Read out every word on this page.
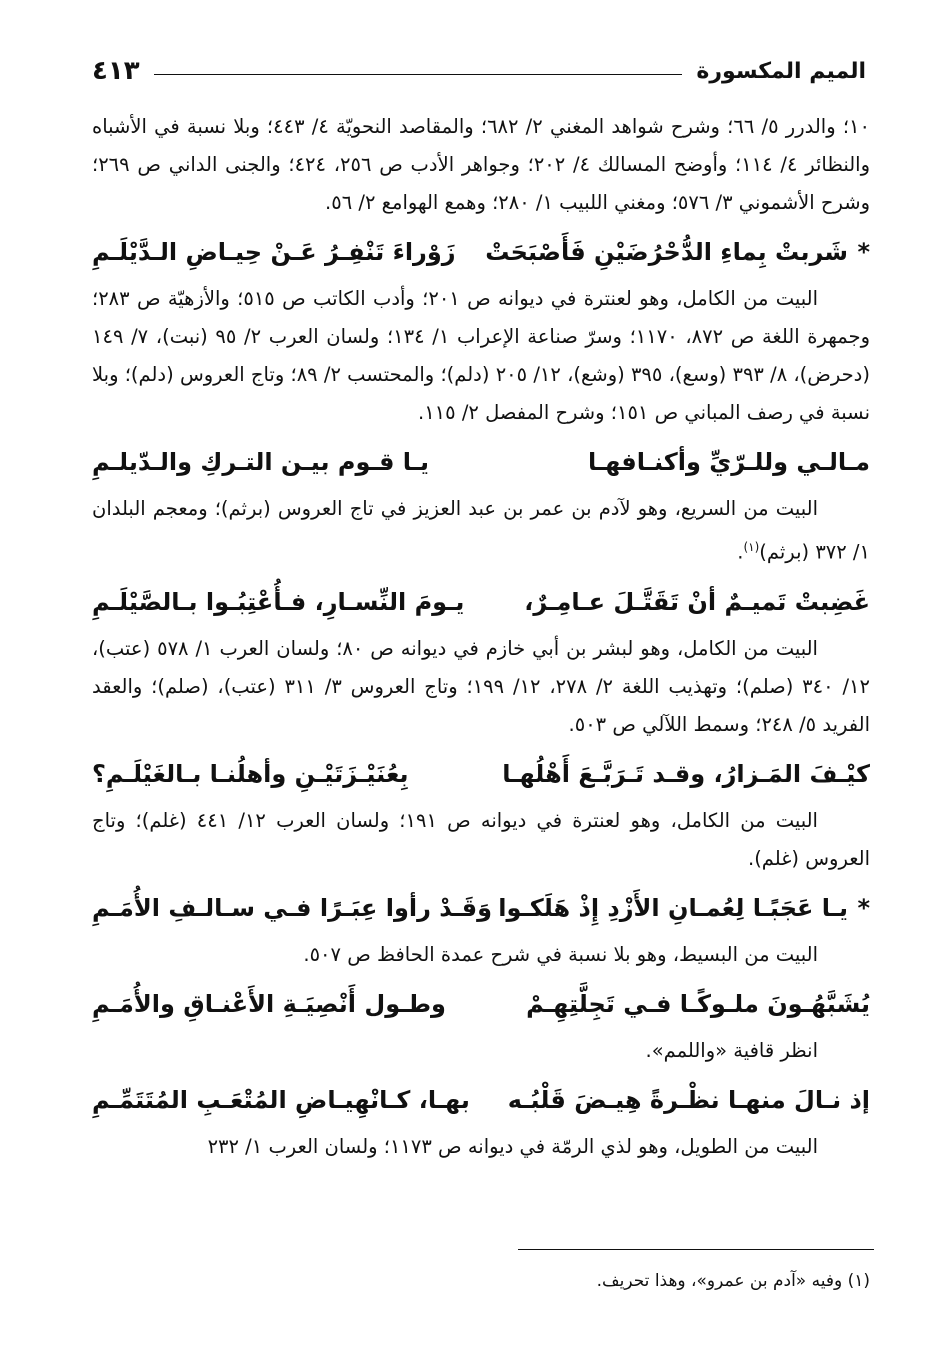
الميم المكسورة
٤١٣

١٠؛ والدرر ٥/ ٦٦؛ وشرح شواهد المغني ٢/ ٦٨٢؛ والمقاصد النحويّة ٤/ ٤٤٣؛ وبلا نسبة في الأشباه والنظائر ٤/ ١١٤؛ وأوضح المسالك ٤/ ٢٠٢؛ وجواهر الأدب ص ٢٥٦، ٤٢٤؛ والجنى الداني ص ٢٦٩؛ وشرح الأشموني ٣/ ٥٧٦؛ ومغني اللبيب ١/ ٢٨٠؛ وهمع الهوامع ٢/ ٥٦.

*
شَربتْ بِماءِ الدُّحْرُضَيْنِ فَأَصْبَحَتْ
زَوْراءَ تَنْفِـرُ عَـنْ حِيـاضِ الـدَّيْلَـمِ

البيت من الكامل، وهو لعنترة في ديوانه ص ٢٠١؛ وأدب الكاتب ص ٥١٥؛ والأزهيّة ص ٢٨٣؛ وجمهرة اللغة ص ٨٧٢، ١١٧٠؛ وسرّ صناعة الإعراب ١/ ١٣٤؛ ولسان العرب ٢/ ٩٥ (نبت)، ٧/ ١٤٩ (دحرض)، ٨/ ٣٩٣ (وسع)، ٣٩٥ (وشع)، ١٢/ ٢٠٥ (دلم)؛ والمحتسب ٢/ ٨٩؛ وتاج العروس (دلم)؛ وبلا نسبة في رصف المباني ص ١٥١؛ وشرح المفصل ٢/ ١١٥.

مـالـي وللـرّيِّ وأكنـافهـا
يـا قـوم بيـن التـركِ والـدّيلـمِ

البيت من السريع، وهو لآدم بن عمر بن عبد العزيز في تاج العروس (برثم)؛ ومعجم البلدان ١/ ٣٧٢ (برثم)$^{(١)}$.

غَضِبتْ تَميـمٌ أنْ تَقَتَّـلَ عـامِـرٌ،
يـومَ النِّسـارِ، فـأُعْتِبُـوا بـالصَّيْلَـمِ

البيت من الكامل، وهو لبشر بن أبي خازم في ديوانه ص ٨٠؛ ولسان العرب ١/ ٥٧٨ (عتب)، ١٢/ ٣٤٠ (صلم)؛ وتهذيب اللغة ٢/ ٢٧٨، ١٢/ ١٩٩؛ وتاج العروس ٣/ ٣١١ (عتب)، (صلم)؛ والعقد الفريد ٥/ ٢٤٨؛ وسمط اللآلي ص ٥٠٣.

كيْـفَ المَـزارُ، وقـد تَـرَبَّـعَ أَهْلُهـا
بِعُنَيْـزَتَيْـنِ وأهلُنـا بـالغَيْلَـمِ؟

البيت من الكامل، وهو لعنترة في ديوانه ص ١٩١؛ ولسان العرب ١٢/ ٤٤١ (غلم)؛ وتاج العروس (غلم).

*
يـا عَجَبًـا لِعُمـانِ الأَزْدِ إِذْ هَلَكـوا
وَقَـدْ رأوا عِبَـرًا فـي سـالـفِ الأُمَـمِ

البيت من البسيط، وهو بلا نسبة في شرح عمدة الحافظ ص ٥٠٧.

يُشَبَّهُـونَ ملـوكًـا فـي تَجِلَّتِهِـمْ
وطـول أَنْصِيَـةِ الأَعْنـاقِ والأُمَـمِ

انظر قافية «واللمم».

إذ نـالَ منهـا نظْـرةً هِيـضَ قَلْبُـه
بهـا، كـانْهِيـاضِ المُتْعَـبِ المُتَتَمِّـمِ

البيت من الطويل، وهو لذي الرمّة في ديوانه ص ١١٧٣؛ ولسان العرب ١/ ٢٣٢

(١) وفيه «آدم بن عمرو»، وهذا تحريف.
